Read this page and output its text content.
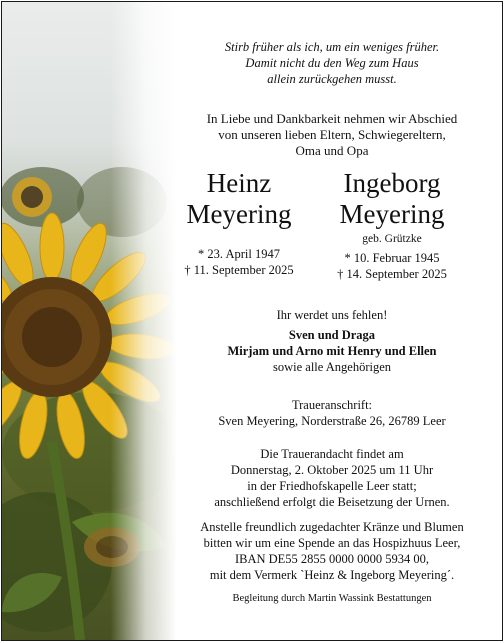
Stirb früher als ich, um ein weniges früher.
Damit nicht du den Weg zum Haus
allein zurückgehen musst.
In Liebe und Dankbarkeit nehmen wir Abschied
von unseren lieben Eltern, Schwiegereltern,
Oma und Opa
Heinz
Meyering
* 23. April 1947
† 11. September 2025
Ingeborg
Meyering
geb. Grützke
* 10. Februar 1945
† 14. September 2025
Ihr werdet uns fehlen!
Sven und Draga
Mirjam und Arno mit Henry und Ellen
sowie alle Angehörigen
Traueranschrift:
Sven Meyering, Norderstraße 26, 26789 Leer
Die Trauerandacht findet am
Donnerstag, 2. Oktober 2025 um 11 Uhr
in der Friedhofskapelle Leer statt;
anschließend erfolgt die Beisetzung der Urnen.
Anstelle freundlich zugedachter Kränze und Blumen
bitten wir um eine Spende an das Hospizhuus Leer,
IBAN DE55 2855 0000 0000 5934 00,
mit dem Vermerk `Heinz & Ingeborg Meyering´.
Begleitung durch Martin Wassink Bestattungen
